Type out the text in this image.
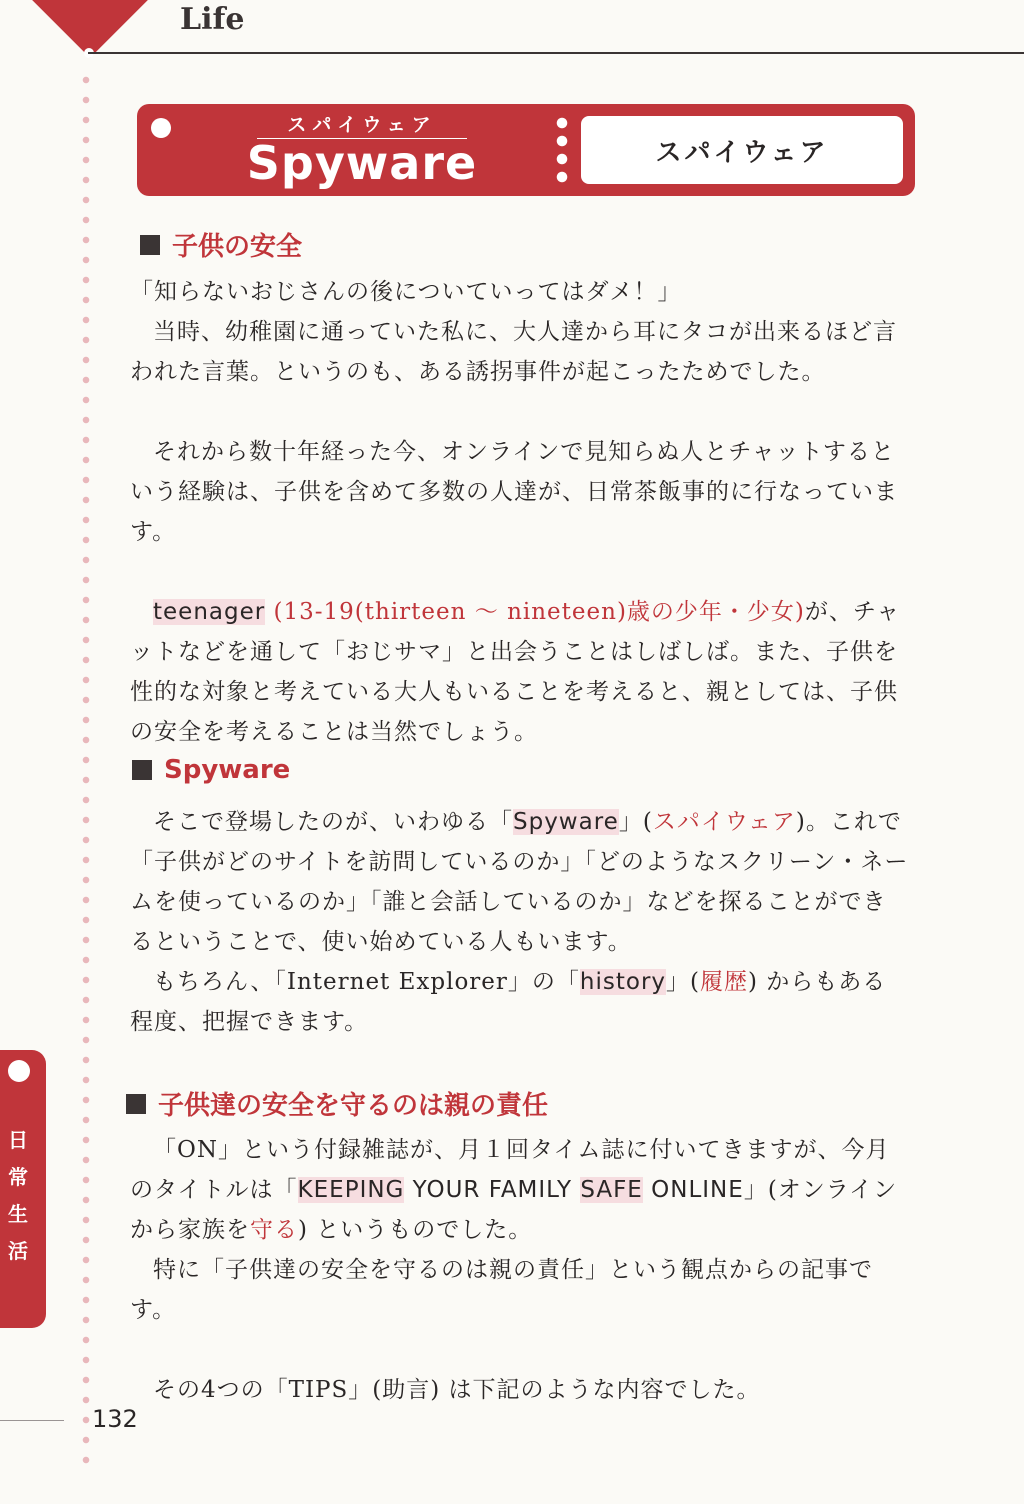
Life
スパイウェア
Spyware	スパイウェア
子供の安全

「知らないおじさんの後についていってはダメ！」

当時、幼稚園に通っていた私に、大人達から耳にタコが出来るほど言われた言葉。というのも、ある誘拐事件が起こったためでした。

それから数十年経った今、オンラインで見知らぬ人とチャットするという経験は、子供を含めて多数の人達が、日常茶飯事的に行なっています。

teenager (13-19(thirteen ～ nineteen)歳の少年・少女)が、チャットなどを通して「おじサマ」と出会うことはしばしば。また、子供を性的な対象と考えている大人もいることを考えると、親としては、子供の安全を考えることは当然でしょう。

Spyware

そこで登場したのが、いわゆる「Spyware」(スパイウェア)。これで「子供がどのサイトを訪問しているのか」「どのようなスクリーン・ネームを使っているのか」「誰と会話しているのか」などを探ることができるということで、使い始めている人もいます。

もちろん、「Internet Explorer」の「history」(履歴) からもある程度、把握できます。

子供達の安全を守るのは親の責任

「ON」という付録雑誌が、月１回タイム誌に付いてきますが、今月のタイトルは「KEEPING YOUR FAMILY SAFE ONLINE」(オンラインから家族を守る) というものでした。

特に「子供達の安全を守るのは親の責任」という観点からの記事です。

その4つの「TIPS」(助言) は下記のような内容でした。

日
常
生
活
132
